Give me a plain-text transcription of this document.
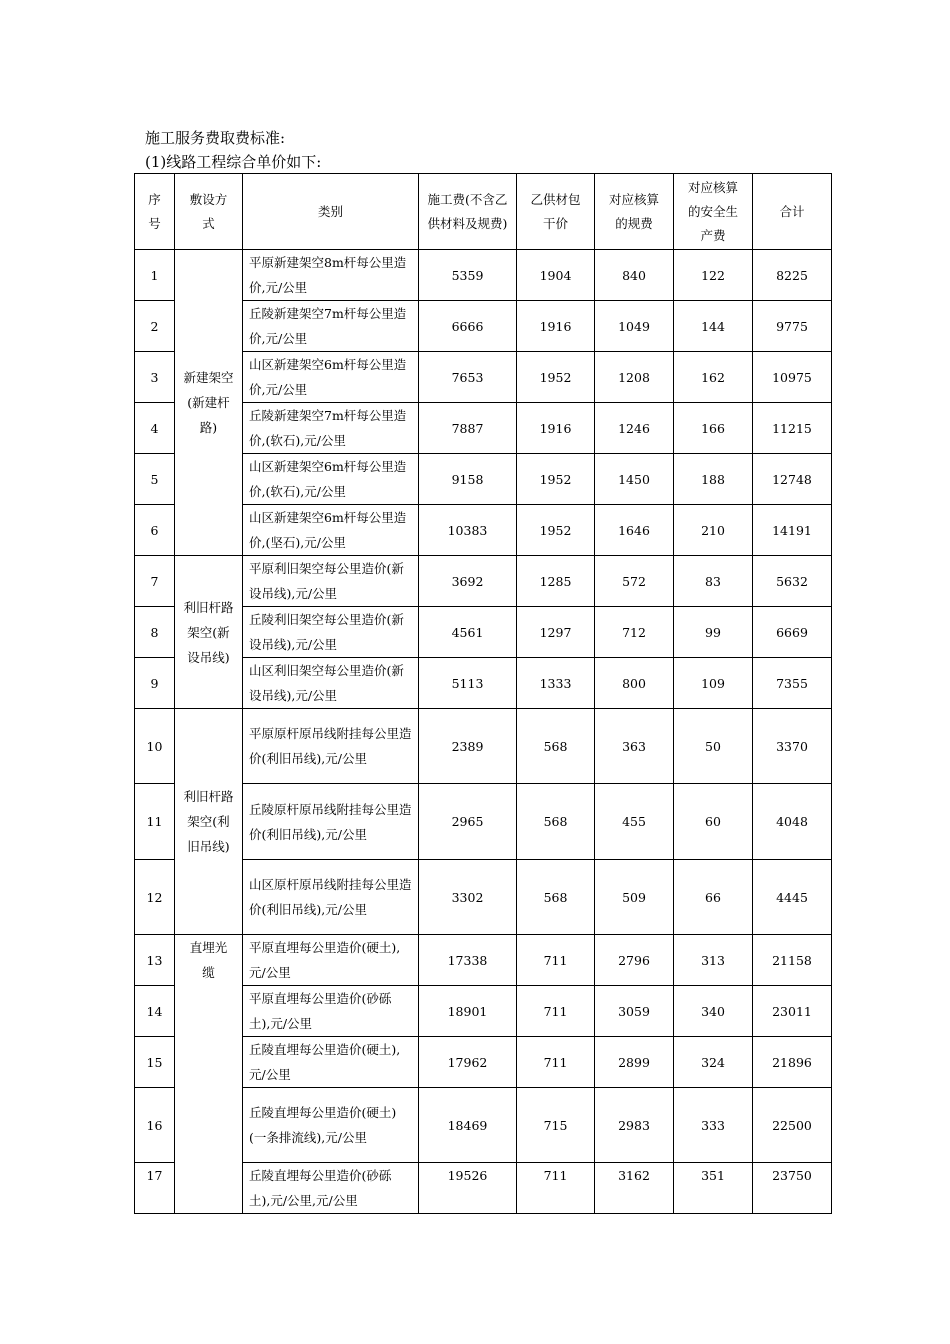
施工服务费取费标准:
(1)线路工程综合单价如下:
序号	敷设方式	类别	施工费(不含乙供材料及规费)	乙供材包干价	对应核算的规费	对应核算的安全生产费	合计
1	新建架空(新建杆路)	平原新建架空8m杆每公里造价,元/公里	5359	1904	840	122	8225
2		丘陵新建架空7m杆每公里造价,元/公里	6666	1916	1049	144	9775
3		山区新建架空6m杆每公里造价,元/公里	7653	1952	1208	162	10975
4		丘陵新建架空7m杆每公里造价,(软石),元/公里	7887	1916	1246	166	11215
5		山区新建架空6m杆每公里造价,(软石),元/公里	9158	1952	1450	188	12748
6		山区新建架空6m杆每公里造价,(坚石),元/公里	10383	1952	1646	210	14191
7	利旧杆路架空(新设吊线)	平原利旧架空每公里造价(新设吊线),元/公里	3692	1285	572	83	5632
8		丘陵利旧架空每公里造价(新设吊线),元/公里	4561	1297	712	99	6669
9		山区利旧架空每公里造价(新设吊线),元/公里	5113	1333	800	109	7355
10	利旧杆路架空(利旧吊线)	平原原杆原吊线附挂每公里造价(利旧吊线),元/公里	2389	568	363	50	3370
11		丘陵原杆原吊线附挂每公里造价(利旧吊线),元/公里	2965	568	455	60	4048
12		山区原杆原吊线附挂每公里造价(利旧吊线),元/公里	3302	568	509	66	4445
13	直埋光缆	平原直埋每公里造价(硬土),元/公里	17338	711	2796	313	21158
14		平原直埋每公里造价(砂砾土),元/公里	18901	711	3059	340	23011
15		丘陵直埋每公里造价(硬土),元/公里	17962	711	2899	324	21896
16		丘陵直埋每公里造价(硬土)(一条排流线),元/公里	18469	715	2983	333	22500
17		丘陵直埋每公里造价(砂砾土),元/公里,元/公里	19526	711	3162	351	23750
